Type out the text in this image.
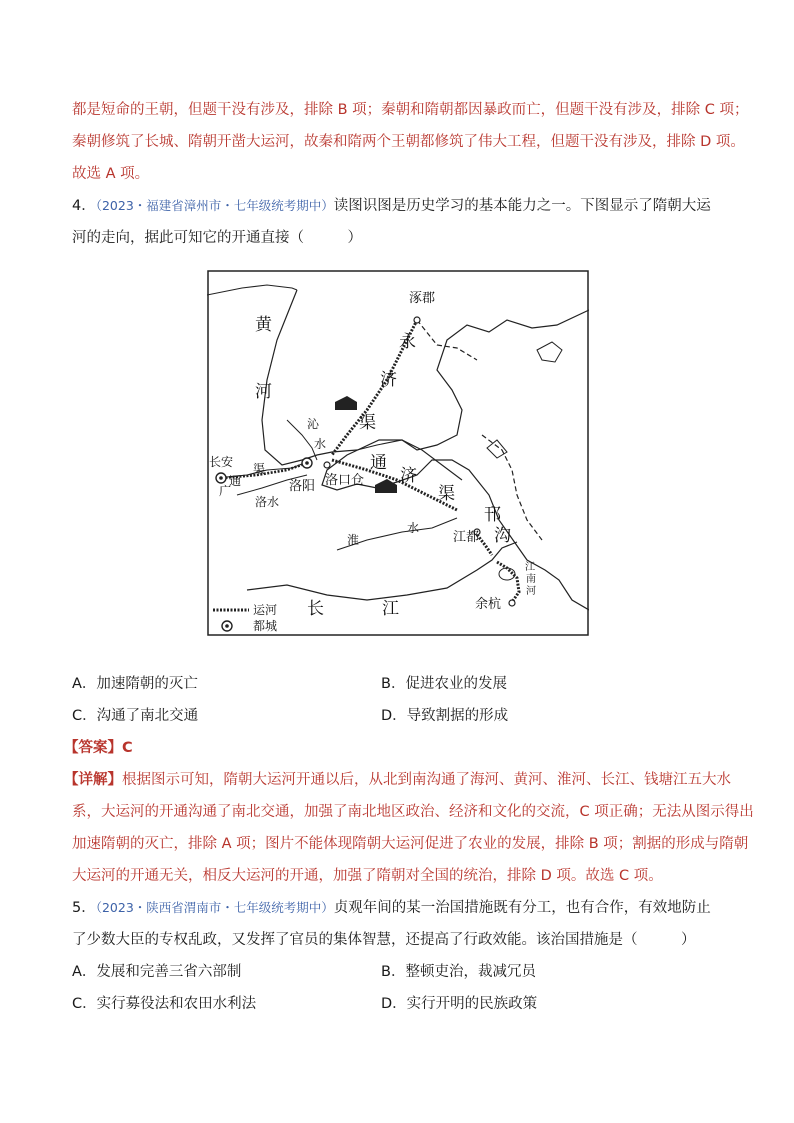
都是短命的王朝，但题干没有涉及，排除 B 项；秦朝和隋朝都因暴政而亡，但题干没有涉及，排除 C 项；
秦朝修筑了长城、隋朝开凿大运河，故秦和隋两个王朝都修筑了伟大工程，但题干没有涉及，排除 D 项。
故选 A 项。
4．（2023・福建省漳州市・七年级统考期中）读图识图是历史学习的基本能力之一。下图显示了隋朝大运
河的走向，据此可知它的开通直接（　　　）
涿郡
黄
河
永
济
渠
沁
水
长安
广
通
渠
洛水
洛阳 洛口仓
通
济
渠
淮
水
邗
沟
江都
江
南
河
余杭
长	江
运河
都城
A．加速隋朝的灭亡	B．促进农业的发展
C．沟通了南北交通	D．导致割据的形成
【答案】C
【详解】根据图示可知，隋朝大运河开通以后，从北到南沟通了海河、黄河、淮河、长江、钱塘江五大水
系，大运河的开通沟通了南北交通，加强了南北地区政治、经济和文化的交流，C 项正确；无法从图示得出
加速隋朝的灭亡，排除 A 项；图片不能体现隋朝大运河促进了农业的发展，排除 B 项；割据的形成与隋朝
大运河的开通无关，相反大运河的开通，加强了隋朝对全国的统治，排除 D 项。故选 C 项。
5．（2023・陕西省渭南市・七年级统考期中）贞观年间的某一治国措施既有分工，也有合作，有效地防止
了少数大臣的专权乱政，又发挥了官员的集体智慧，还提高了行政效能。该治国措施是（　　　）
A．发展和完善三省六部制	B．整顿吏治，裁减冗员
C．实行募役法和农田水利法	D．实行开明的民族政策
